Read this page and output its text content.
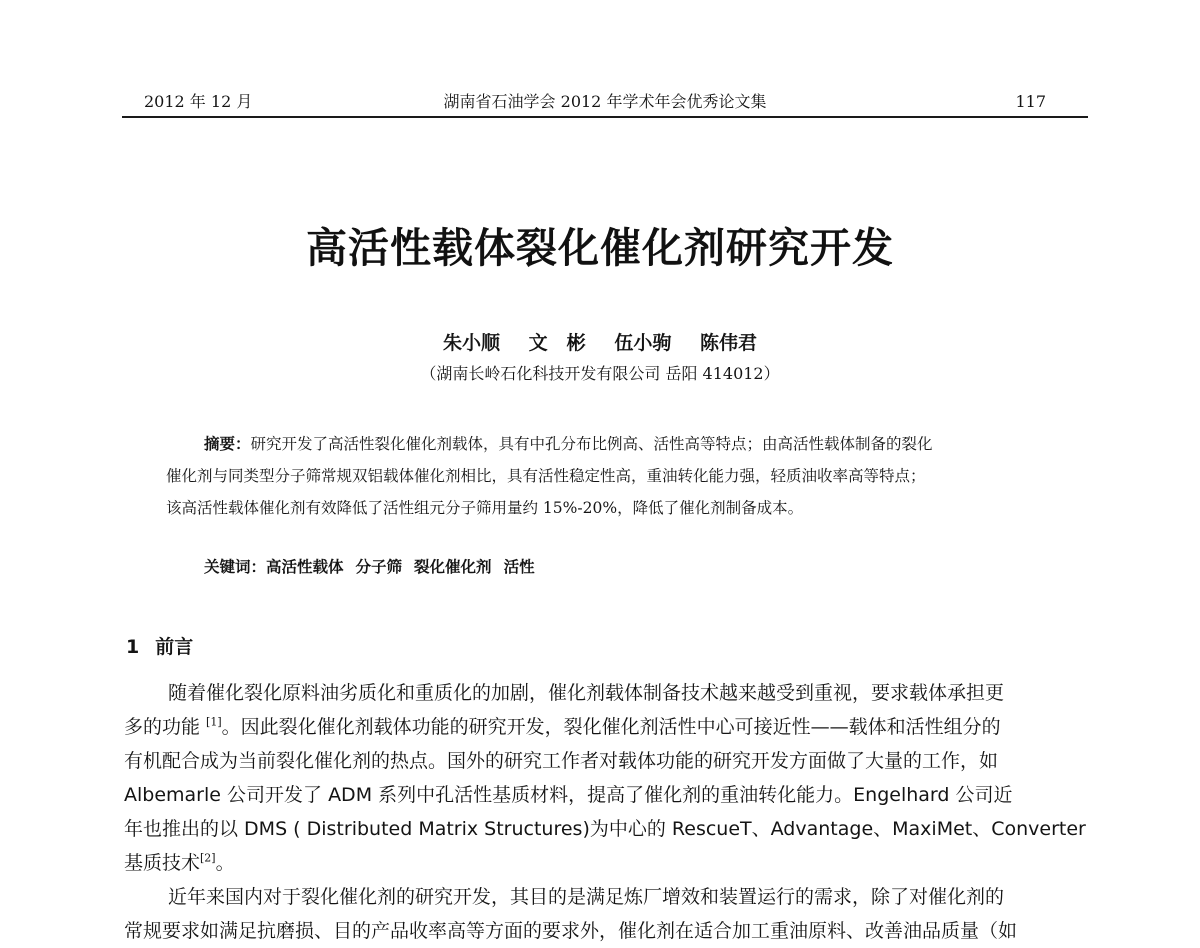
2012 年 12 月	湖南省石油学会 2012 年学术年会优秀论文集	117
高活性载体裂化催化剂研究开发
朱小顺 文　彬 伍小驹 陈伟君
（湖南长岭石化科技开发有限公司 岳阳 414012）
摘要：研究开发了高活性裂化催化剂载体，具有中孔分布比例高、活性高等特点；由高活性载体制备的裂化
催化剂与同类型分子筛常规双铝载体催化剂相比，具有活性稳定性高，重油转化能力强，轻质油收率高等特点；
该高活性载体催化剂有效降低了活性组元分子筛用量约 15%-20%，降低了催化剂制备成本。
关键词：高活性载体 分子筛 裂化催化剂 活性
1 前言
随着催化裂化原料油劣质化和重质化的加剧，催化剂载体制备技术越来越受到重视，要求载体承担更
多的功能 [1]。因此裂化催化剂载体功能的研究开发，裂化催化剂活性中心可接近性——载体和活性组分的
有机配合成为当前裂化催化剂的热点。国外的研究工作者对载体功能的研究开发方面做了大量的工作，如
Albemarle 公司开发了 ADM 系列中孔活性基质材料，提高了催化剂的重油转化能力。Engelhard 公司近
年也推出的以 DMS ( Distributed Matrix Structures)为中心的 RescueT、Advantage、MaxiMet、Converter
基质技术[2]。
近年来国内对于裂化催化剂的研究开发，其目的是满足炼厂增效和装置运行的需求，除了对催化剂的
常规要求如满足抗磨损、目的产品收率高等方面的要求外，催化剂在适合加工重油原料、改善油品质量（如
